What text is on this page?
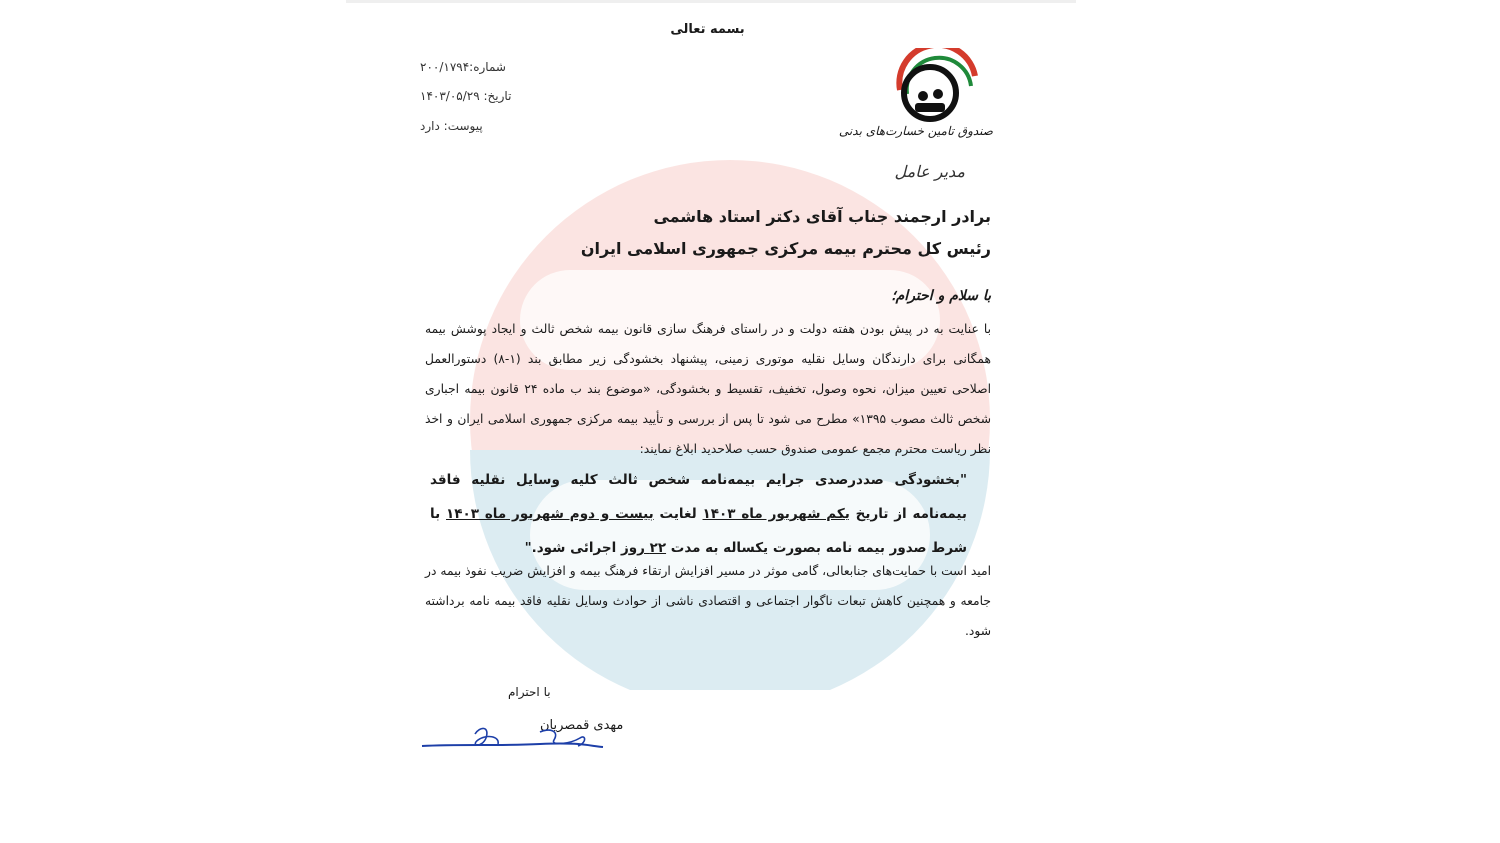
بسمه تعالی
صندوق تامین خسارت‌های بدنی
مدیر عامل
شماره:۲۰۰/۱۷۹۴
تاریخ: ۱۴۰۳/۰۵/۲۹
پیوست: دارد
برادر ارجمند جناب آقای دکتر استاد هاشمی
رئیس کل محترم بیمه مرکزی جمهوری اسلامی ایران
با سلام و احترام؛
با عنایت به در پیش بودن هفته دولت و در راستای فرهنگ سازی قانون بیمه شخص ثالث و ایجاد پوشش بیمه همگانی برای دارندگان وسایل نقلیه موتوری زمینی، پیشنهاد بخشودگی زیر مطابق بند (۱-۸) دستورالعمل اصلاحی تعیین میزان، نحوه وصول، تخفیف، تقسیط و بخشودگی، «موضوع بند ب ماده ۲۴ قانون بیمه اجباری شخص ثالث مصوب ۱۳۹۵» مطرح می شود تا پس از بررسی و تأیید بیمه مرکزی جمهوری اسلامی ایران و اخذ نظر ریاست محترم مجمع عمومی صندوق حسب صلاحدید ابلاغ نمایند:
"بخشودگی صددرصدی جرایم بیمه‌نامه شخص ثالث کلیه وسایل نقلیه فاقد بیمه‌نامه از تاریخ یکم شهریور ماه ۱۴۰۳ لغایت بیست و دوم شهریور ماه ۱۴۰۳ با شرط صدور بیمه نامه بصورت یکساله به مدت ۲۲ روز اجرائی شود."
امید است با حمایت‌های جنابعالی، گامی موثر در مسیر افزایش ارتقاء فرهنگ بیمه و افزایش ضریب نفوذ بیمه در جامعه و همچنین کاهش تبعات ناگوار اجتماعی و اقتصادی ناشی از حوادث وسایل نقلیه فاقد بیمه نامه برداشته شود.
با احترام
مهدی قمصریان
